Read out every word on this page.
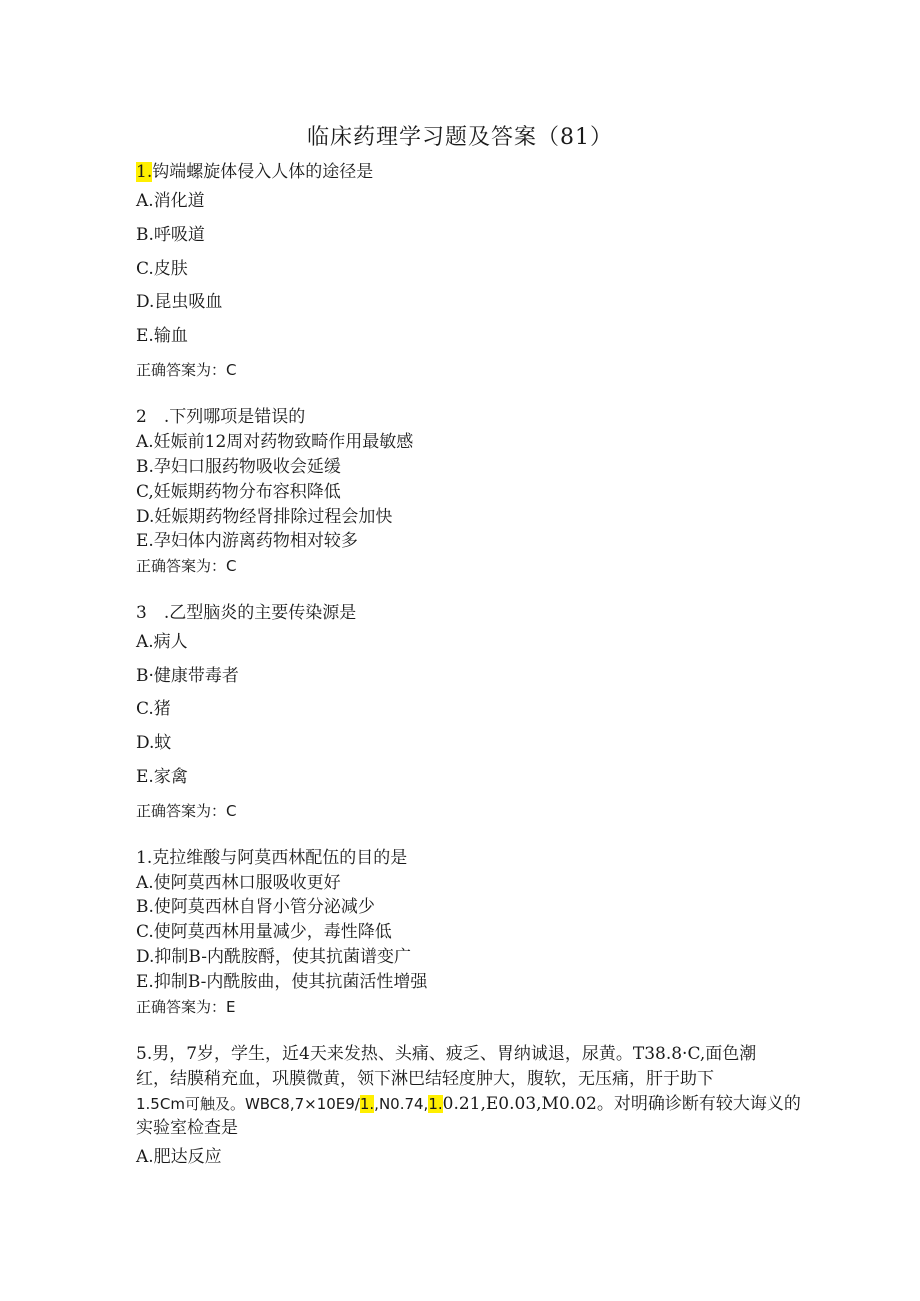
临床药理学习题及答案（81）
1.钩端螺旋体侵入人体的途径是
A.消化道
B.呼吸道
C.皮肤
D.昆虫吸血
E.输血
正确答案为：C
2　.下列哪项是错误的
A.妊娠前12周对药物致畸作用最敏感
B.孕妇口服药物吸收会延缓
C,妊娠期药物分布容积降低
D.妊娠期药物经肾排除过程会加快
E.孕妇体内游离药物相对较多
正确答案为：C
3　.乙型脑炎的主要传染源是
A.病人
B·健康带毒者
C.猪
D.蚊
E.家禽
正确答案为：C
1.克拉维酸与阿莫西林配伍的目的是
A.使阿莫西林口服吸收更好
B.使阿莫西林自肾小管分泌减少
C.使阿莫西林用量减少，毒性降低
D.抑制B-内酰胺酹，使其抗菌谱变广
E.抑制B-内酰胺曲，使其抗菌活性增强
正确答案为：E
5.男，7岁，学生，近4天来发热、头痛、疲乏、胃纳诚退，尿黄。T38.8·C,面色潮
红，结膜稍充血，巩膜微黄，领下淋巴结轻度肿大，腹软，无压痛，肝于助下
1.5Cm可触及。WBC8,7×10E9/1.,N0.74,1.0.21,E0.03,M0.02。对明确诊断有较大诲义的
实验室检查是
A.肥达反应
